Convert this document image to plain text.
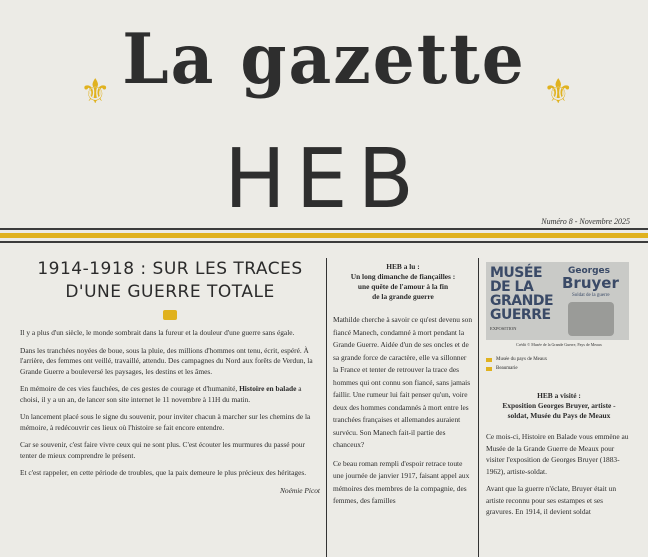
La gazette
⚜	⚜
HEB	Numéro 8 - Novembre 2025
1914-1918 : SUR LES TRACES
D'UNE GUERRE TOTALE

Il y a plus d'un siècle, le monde sombrait dans la fureur et la douleur d'une guerre sans égale.

Dans les tranchées noyées de boue, sous la pluie, des millions d'hommes ont tenu, écrit, espéré. À l'arrière, des femmes ont veillé, travaillé, attendu. Des campagnes du Nord aux forêts de Verdun, la Grande Guerre a bouleversé les paysages, les destins et les âmes.

En mémoire de ces vies fauchées, de ces gestes de courage et d'humanité, Histoire en balade a choisi, il y a un an, de lancer son site internet le 11 novembre à 11H du matin.

Un lancement placé sous le signe du souvenir, pour inviter chacun à marcher sur les chemins de la mémoire, à redécouvrir ces lieux où l'histoire se fait encore entendre.

Car se souvenir, c'est faire vivre ceux qui ne sont plus. C'est écouter les murmures du passé pour tenter de mieux comprendre le présent.

Et c'est rappeler, en cette période de troubles, que la paix demeure le plus précieux des héritages.

Noémie Picot
HEB a lu :
Un long dimanche de fiançailles :
une quête de l'amour à la fin
de la grande guerre

Mathilde cherche à savoir ce qu'est devenu son fiancé Manech, condamné à mort pendant la Grande Guerre. Aidée d'un de ses oncles et de sa grande force de caractère, elle va sillonner la France et tenter de retrouver la trace des hommes qui ont connu son fiancé, sans jamais faillir. Une rumeur lui fait penser qu'un, voire deux des hommes condamnés à mort entre les tranchées françaises et allemandes auraient survécu. Son Manech fait-il partie des chanceux?

Ce beau roman rempli d'espoir retrace toute une journée de janvier 1917, faisant appel aux mémoires des membres de la compagnie, des femmes, des familles

MUSÉE DE LA GRANDE GUERRE
Georges
Bruyer
Soldat de la guerre
EXPOSITION
Crédit © Musée de la Grande Guerre, Pays de Meaux
Musée du pays de Meaux
Beaumarie
HEB a visité :
Exposition Georges Bruyer, artiste -
soldat, Musée du Pays de Meaux

Ce mois-ci, Histoire en Balade vous emmène au Musée de la Grande Guerre de Meaux pour visiter l'exposition de Georges Bruyer (1883-1962), artiste-soldat.

Avant que la guerre n'éclate, Bruyer était un artiste reconnu pour ses estampes et ses gravures. En 1914, il devient soldat
